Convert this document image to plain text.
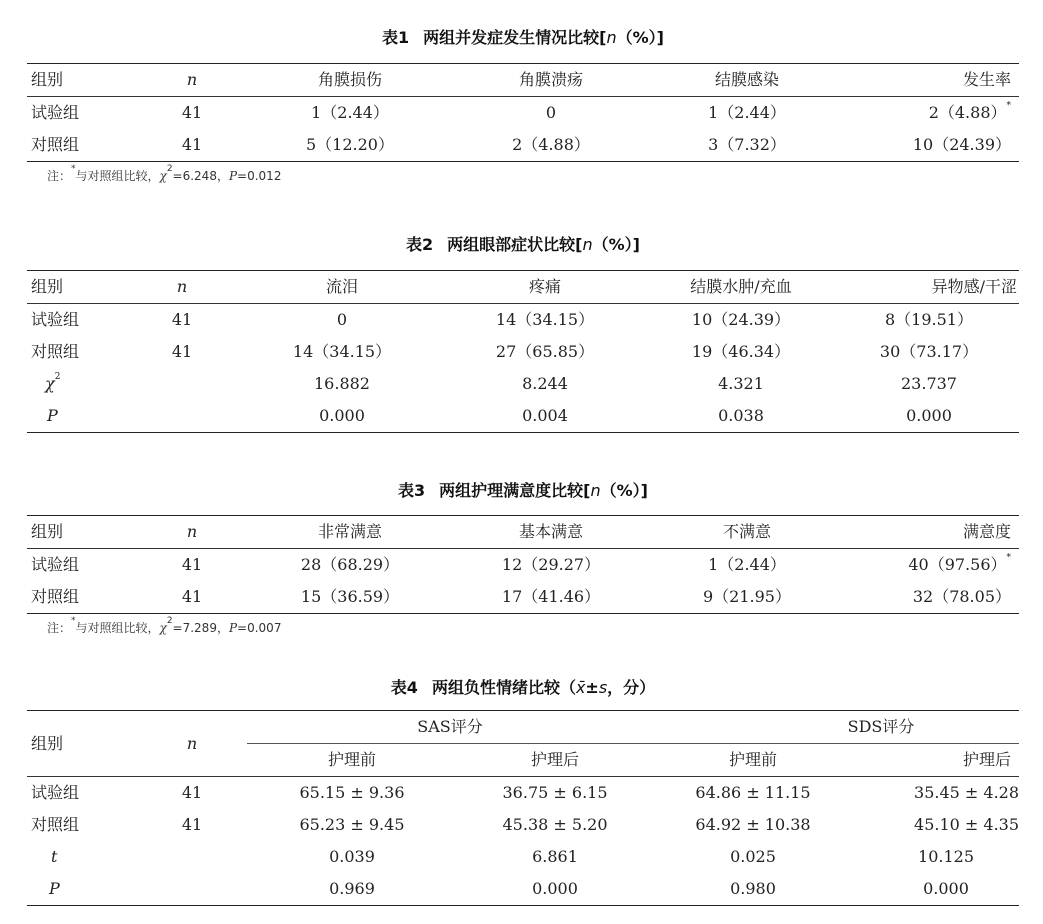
表1 两组并发症发生情况比较[n（%）]
组别	n	角膜损伤	角膜溃疡	结膜感染	发生率
试验组	41	1（2.44）	0	1（2.44）	2（4.88）*
对照组	41	5（12.20）	2（4.88）	3（7.32）	10（24.39）
注：*与对照组比较，$\chi^2=6.248$，P=0.012
表2 两组眼部症状比较[n（%）]
组别	n	流泪	疼痛	结膜水肿/充血	异物感/干涩
试验组	41	0	14（34.15）	10（24.39）	8（19.51）
对照组	41	14（34.15）	27（65.85）	19（46.34）	30（73.17）
$\chi^2$		16.882	8.244	4.321	23.737
P		0.000	0.004	0.038	0.000
表3 两组护理满意度比较[n（%）]
组别	n	非常满意	基本满意	不满意	满意度
试验组	41	28（68.29）	12（29.27）	1（2.44）	40（97.56）*
对照组	41	15（36.59）	17（41.46）	9（21.95）	32（78.05）
注：*与对照组比较，$\chi^2=7.289$，P=0.007
表4 两组负性情绪比较（x̄±s，分）
组别	n	SAS评分		SDS评分	
		护理前	护理后	护理前	护理后
试验组	41	65.15 ± 9.36	36.75 ± 6.15	64.86 ± 11.15	35.45 ± 4.28
对照组	41	65.23 ± 9.45	45.38 ± 5.20	64.92 ± 10.38	45.10 ± 4.35
t		0.039	6.861	0.025	10.125
P		0.969	0.000	0.980	0.000
